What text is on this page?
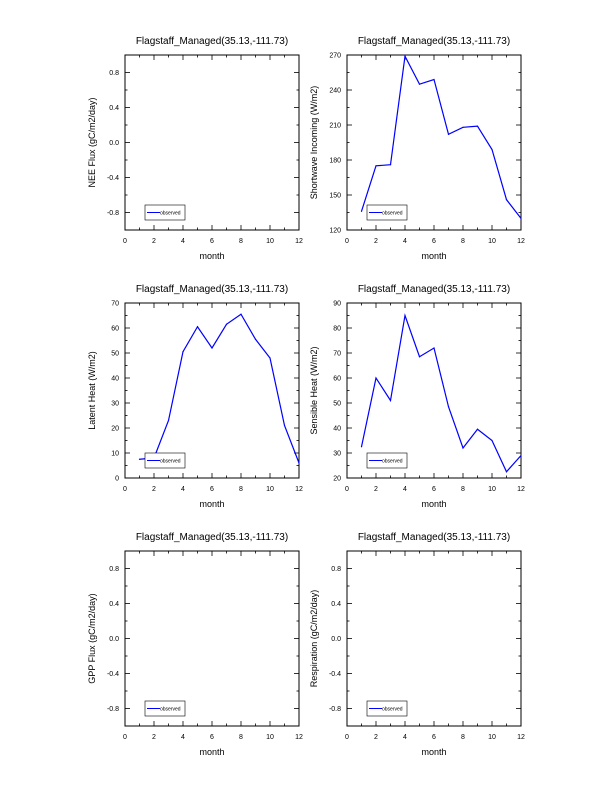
Flagstaff_Managed(35.13,-111.73)
0	2	4	6	8	10	12
-0.8
-0.4
0.0
0.4
0.8
month
NEE Flux (gC/m2/day)
observed
Flagstaff_Managed(35.13,-111.73)
0	2	4	6	8	10	12
120
150
180
210
240
270
month
Shortwave Incoming (W/m2)
observed
Flagstaff_Managed(35.13,-111.73)
0	2	4	6	8	10	12
0
10
20
30
40
50
60
70
month
Latent Heat (W/m2)
observed
Flagstaff_Managed(35.13,-111.73)
0	2	4	6	8	10	12
20
30
40
50
60
70
80
90
month
Sensible Heat (W/m2)
observed
Flagstaff_Managed(35.13,-111.73)
0	2	4	6	8	10	12
-0.8
-0.4
0.0
0.4
0.8
month
GPP Flux (gC/m2/day)
observed
Flagstaff_Managed(35.13,-111.73)
0	2	4	6	8	10	12
-0.8
-0.4
0.0
0.4
0.8
month
Respiration (gC/m2/day)
observed
